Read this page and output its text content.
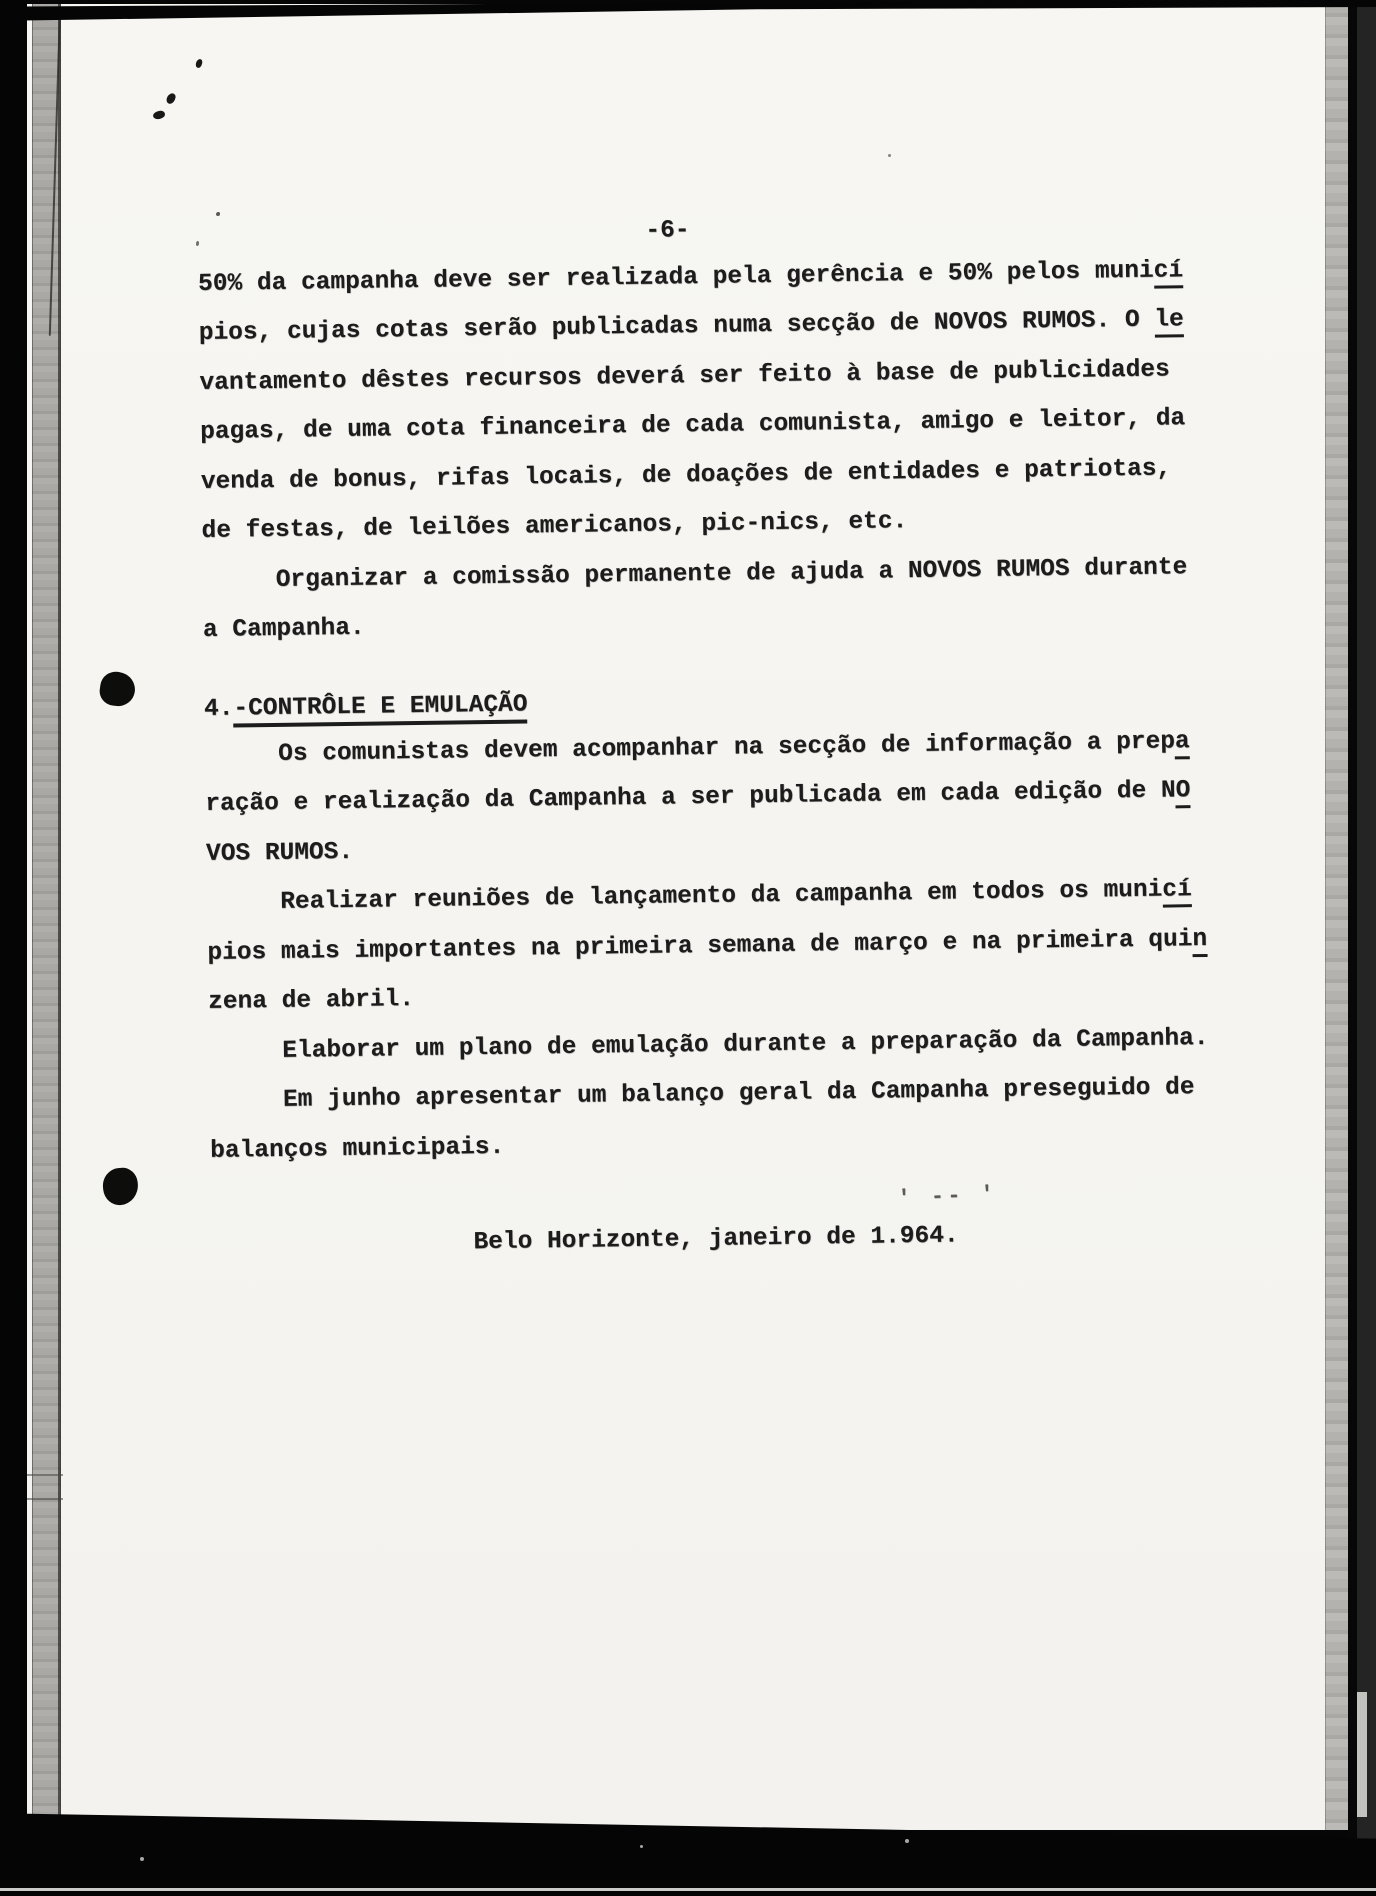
-6-
50% da campanha deve ser realizada pela gerência e 50% pelos municí
pios, cujas cotas serão publicadas numa secção de NOVOS RUMOS. O le
vantamento dêstes recursos deverá ser feito à base de publicidades
pagas, de uma cota financeira de cada comunista, amigo e leitor, da
venda de bonus, rifas locais, de doações de entidades e patriotas,
de festas, de leilões americanos, pic-nics, etc.
Organizar a comissão permanente de ajuda a NOVOS RUMOS durante
a Campanha.
4.-CONTRÔLE E EMULAÇÃO
Os comunistas devem acompanhar na secção de informação a prepa
ração e realização da Campanha a ser publicada em cada edição de NO
VOS RUMOS.
Realizar reuniões de lançamento da campanha em todos os municí
pios mais importantes na primeira semana de março e na primeira quin
zena de abril.
Elaborar um plano de emulação durante a preparação da Campanha.
Em junho apresentar um balanço geral da Campanha preseguido de
balanços municipais.
' -- '
Belo Horizonte, janeiro de 1.964.
